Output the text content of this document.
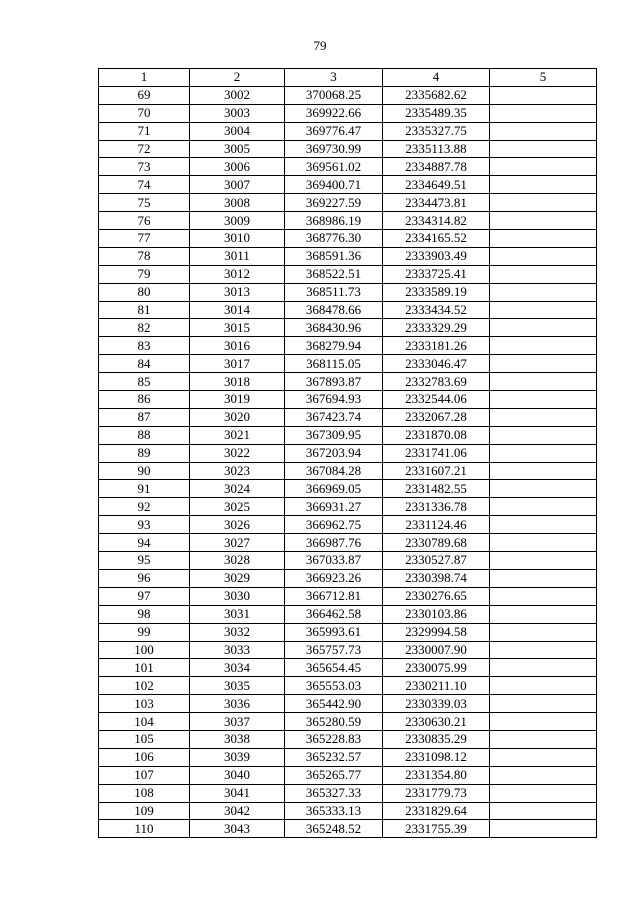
79
1	2	3	4	5
69	3002	370068.25	2335682.62	
70	3003	369922.66	2335489.35	
71	3004	369776.47	2335327.75	
72	3005	369730.99	2335113.88	
73	3006	369561.02	2334887.78	
74	3007	369400.71	2334649.51	
75	3008	369227.59	2334473.81	
76	3009	368986.19	2334314.82	
77	3010	368776.30	2334165.52	
78	3011	368591.36	2333903.49	
79	3012	368522.51	2333725.41	
80	3013	368511.73	2333589.19	
81	3014	368478.66	2333434.52	
82	3015	368430.96	2333329.29	
83	3016	368279.94	2333181.26	
84	3017	368115.05	2333046.47	
85	3018	367893.87	2332783.69	
86	3019	367694.93	2332544.06	
87	3020	367423.74	2332067.28	
88	3021	367309.95	2331870.08	
89	3022	367203.94	2331741.06	
90	3023	367084.28	2331607.21	
91	3024	366969.05	2331482.55	
92	3025	366931.27	2331336.78	
93	3026	366962.75	2331124.46	
94	3027	366987.76	2330789.68	
95	3028	367033.87	2330527.87	
96	3029	366923.26	2330398.74	
97	3030	366712.81	2330276.65	
98	3031	366462.58	2330103.86	
99	3032	365993.61	2329994.58	
100	3033	365757.73	2330007.90	
101	3034	365654.45	2330075.99	
102	3035	365553.03	2330211.10	
103	3036	365442.90	2330339.03	
104	3037	365280.59	2330630.21	
105	3038	365228.83	2330835.29	
106	3039	365232.57	2331098.12	
107	3040	365265.77	2331354.80	
108	3041	365327.33	2331779.73	
109	3042	365333.13	2331829.64	
110	3043	365248.52	2331755.39	
